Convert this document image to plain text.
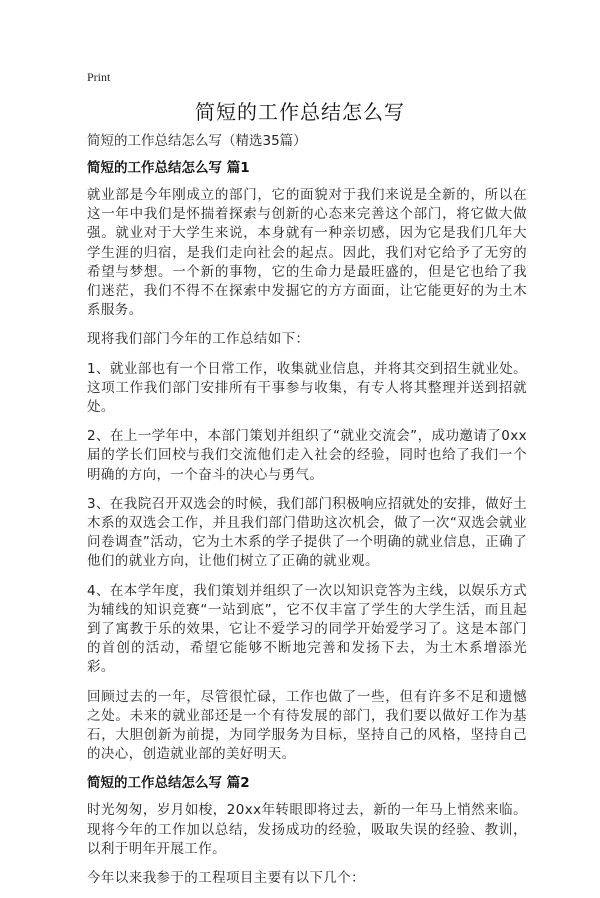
Print
简短的工作总结怎么写

简短的工作总结怎么写（精选35篇）

简短的工作总结怎么写 篇1

就业部是今年刚成立的部门，它的面貌对于我们来说是全新的，所以在这一年中我们是怀揣着探索与创新的心态来完善这个部门，将它做大做强。就业对于大学生来说，本身就有一种亲切感，因为它是我们几年大学生涯的归宿，是我们走向社会的起点。因此，我们对它给予了无穷的希望与梦想。一个新的事物，它的生命力是最旺盛的，但是它也给了我们迷茫，我们不得不在探索中发掘它的方方面面，让它能更好的为土木系服务。

现将我们部门今年的工作总结如下：

1、就业部也有一个日常工作，收集就业信息，并将其交到招生就业处。这项工作我们部门安排所有干事参与收集，有专人将其整理并送到招就处。

2、在上一学年中，本部门策划并组织了“就业交流会”，成功邀请了0xx届的学长们回校与我们交流他们走入社会的经验，同时也给了我们一个明确的方向，一个奋斗的决心与勇气。

3、在我院召开双选会的时候，我们部门积极响应招就处的安排，做好土木系的双选会工作，并且我们部门借助这次机会，做了一次“双选会就业问卷调查”活动，它为土木系的学子提供了一个明确的就业信息，正确了他们的就业方向，让他们树立了正确的就业观。

4、在本学年度，我们策划并组织了一次以知识竞答为主线，以娱乐方式为辅线的知识竞赛“一站到底”，它不仅丰富了学生的大学生活，而且起到了寓教于乐的效果，它让不爱学习的同学开始爱学习了。这是本部门的首创的活动，希望它能够不断地完善和发扬下去，为土木系增添光彩。

回顾过去的一年，尽管很忙碌，工作也做了一些，但有许多不足和遗憾之处。未来的就业部还是一个有待发展的部门，我们要以做好工作为基石，大胆创新为前提，为同学服务为目标，坚持自己的风格，坚持自己的决心，创造就业部的美好明天。

简短的工作总结怎么写 篇2

时光匆匆，岁月如梭，20xx年转眼即将过去，新的一年马上悄然来临。现将今年的工作加以总结，发扬成功的经验，吸取失误的经验、教训，以利于明年开展工作。

今年以来我参于的工程项目主要有以下几个：
